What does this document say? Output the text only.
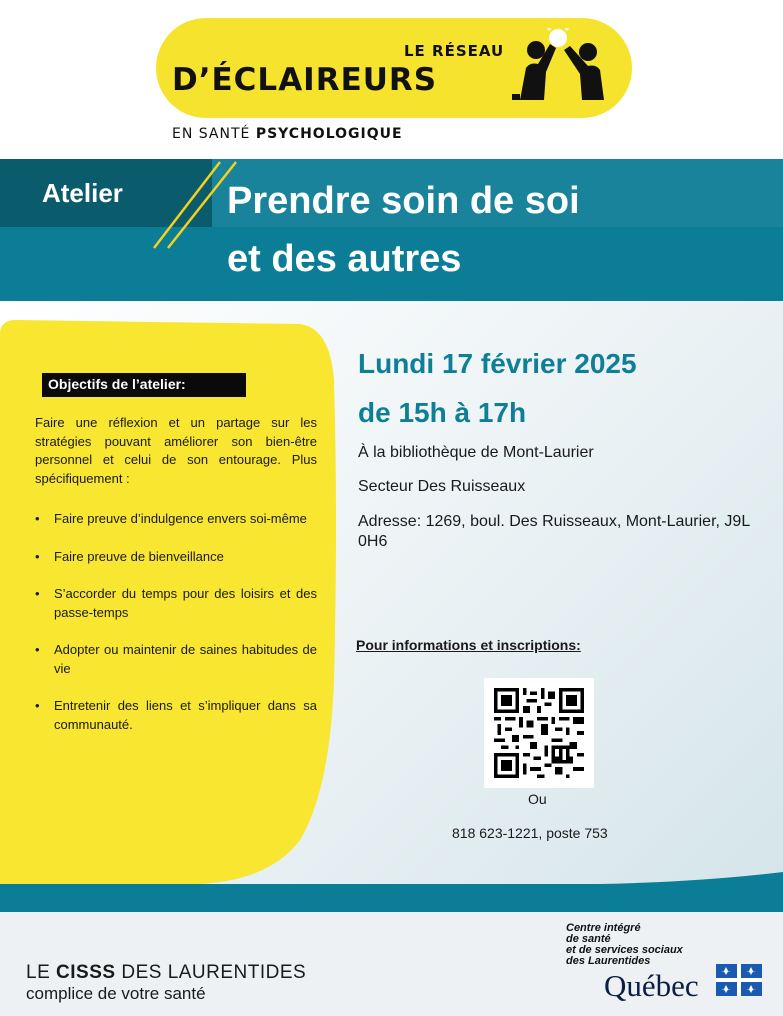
LE RÉSEAU
D’ÉCLAIREURS
EN SANTÉ PSYCHOLOGIQUE
Atelier	Prendre soin de soi
et des autres
Objectifs de l’atelier:
Faire une réflexion et un partage sur les stratégies pouvant améliorer son bien-être personnel et celui de son entourage. Plus spécifiquement :
• Faire preuve d’indulgence envers soi-même
• Faire preuve de bienveillance
• S’accorder du temps pour des loisirs et des passe-temps
• Adopter ou maintenir de saines habitudes de vie
• Entretenir des liens et s’impliquer dans sa communauté.
Lundi 17 février 2025
de 15h à 17h
À la bibliothèque de Mont-Laurier
Secteur Des Ruisseaux
Adresse: 1269, boul. Des Ruisseaux, Mont-Laurier, J9L 0H6
Pour informations et inscriptions:
Ou
818 623-1221, poste 753
LE CISSS DES LAURENTIDES
complice de votre santé
Centre intégré
de santé
et de services sociaux
des Laurentides
Québec
